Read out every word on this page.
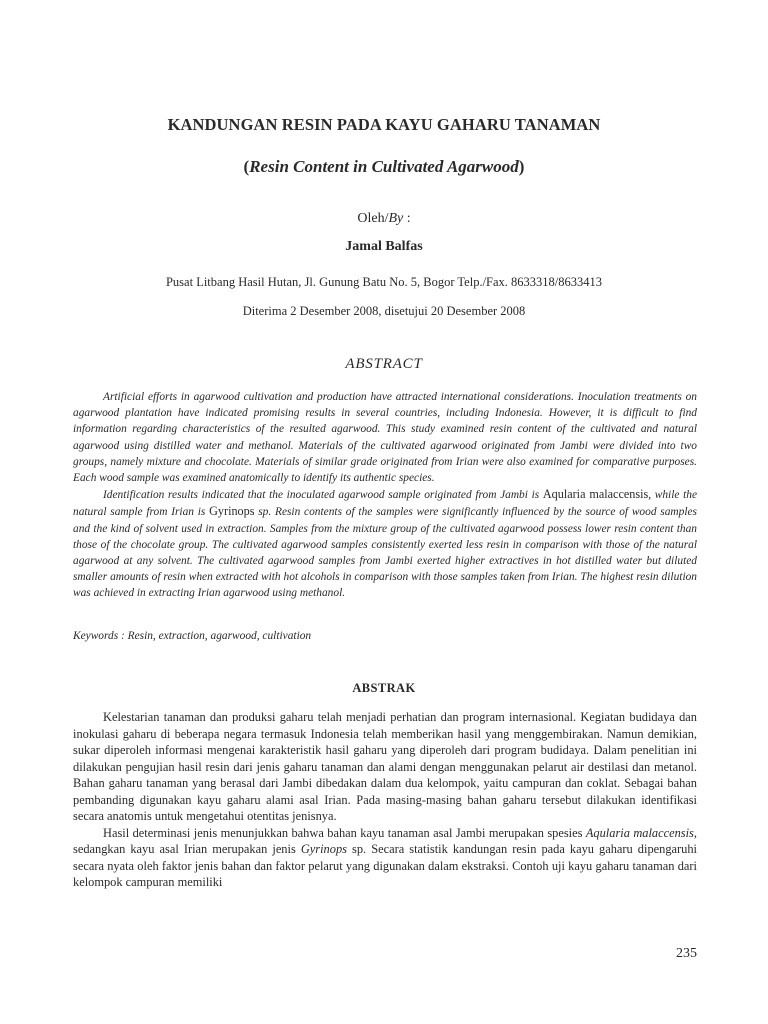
KANDUNGAN RESIN PADA KAYU GAHARU TANAMAN
(Resin Content in Cultivated Agarwood)
Oleh/By :
Jamal Balfas
Pusat Litbang Hasil Hutan, Jl. Gunung Batu No. 5, Bogor Telp./Fax. 8633318/8633413
Diterima 2 Desember 2008, disetujui 20 Desember 2008
ABSTRACT

Artificial efforts in agarwood cultivation and production have attracted international considerations. Inoculation treatments on agarwood plantation have indicated promising results in several countries, including Indonesia. However, it is difficult to find information regarding characteristics of the resulted agarwood. This study examined resin content of the cultivated and natural agarwood using distilled water and methanol. Materials of the cultivated agarwood originated from Jambi were divided into two groups, namely mixture and chocolate. Materials of similar grade originated from Irian were also examined for comparative purposes. Each wood sample was examined anatomically to identify its authentic species.

Identification results indicated that the inoculated agarwood sample originated from Jambi is Aqularia malaccensis, while the natural sample from Irian is Gyrinops sp. Resin contents of the samples were significantly influenced by the source of wood samples and the kind of solvent used in extraction. Samples from the mixture group of the cultivated agarwood possess lower resin content than those of the chocolate group. The cultivated agarwood samples consistently exerted less resin in comparison with those of the natural agarwood at any solvent. The cultivated agarwood samples from Jambi exerted higher extractives in hot distilled water but diluted smaller amounts of resin when extracted with hot alcohols in comparison with those samples taken from Irian. The highest resin dilution was achieved in extracting Irian agarwood using methanol.

Keywords : Resin, extraction, agarwood, cultivation
ABSTRAK

Kelestarian tanaman dan produksi gaharu telah menjadi perhatian dan program internasional. Kegiatan budidaya dan inokulasi gaharu di beberapa negara termasuk Indonesia telah memberikan hasil yang menggembirakan. Namun demikian, sukar diperoleh informasi mengenai karakteristik hasil gaharu yang diperoleh dari program budidaya. Dalam penelitian ini dilakukan pengujian hasil resin dari jenis gaharu tanaman dan alami dengan menggunakan pelarut air destilasi dan metanol. Bahan gaharu tanaman yang berasal dari Jambi dibedakan dalam dua kelompok, yaitu campuran dan coklat. Sebagai bahan pembanding digunakan kayu gaharu alami asal Irian. Pada masing-masing bahan gaharu tersebut dilakukan identifikasi secara anatomis untuk mengetahui otentitas jenisnya.

Hasil determinasi jenis menunjukkan bahwa bahan kayu tanaman asal Jambi merupakan spesies Aqularia malaccensis, sedangkan kayu asal Irian merupakan jenis Gyrinops sp. Secara statistik kandungan resin pada kayu gaharu dipengaruhi secara nyata oleh faktor jenis bahan dan faktor pelarut yang digunakan dalam ekstraksi. Contoh uji kayu gaharu tanaman dari kelompok campuran memiliki

235
